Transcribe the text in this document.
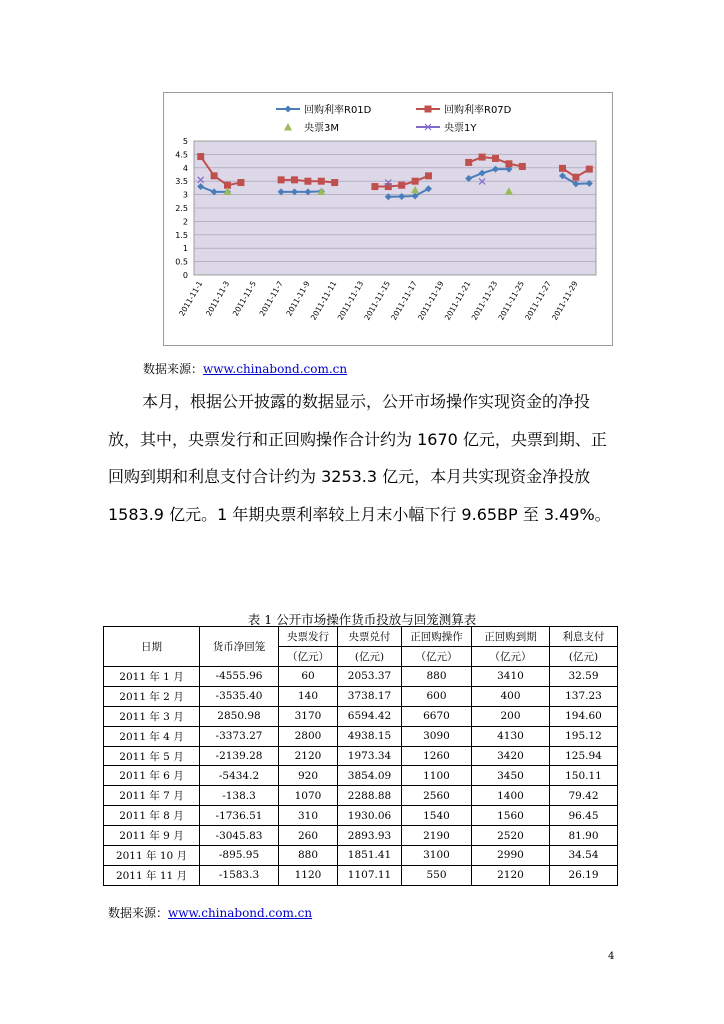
0
0.5
1
1.5
2
2.5
3
3.5
4
4.5
5
2011-11-1 2011-11-3 2011-11-5 2011-11-7 2011-11-9
2011-11-11
2011-11-13
2011-11-15
2011-11-17
2011-11-19
2011-11-21
2011-11-23
2011-11-25
2011-11-27
2011-11-29
回购利率R01D	回购利率R07D
央票3M	央票1Y
数据来源：www.chinabond.com.cn

本月，根据公开披露的数据显示，公开市场操作实现资金的净投放，其中，央票发行和正回购操作合计约为 1670 亿元，央票到期、正回购到期和利息支付合计约为 3253.3 亿元，本月共实现资金净投放 1583.9 亿元。1 年期央票利率较上月末小幅下行 9.65BP 至 3.49%。

表 1 公开市场操作货币投放与回笼测算表
日期	货币净回笼	央票发行	央票兑付	正回购操作	正回购到期	利息支付
		（亿元）	(亿元)	（亿元）	（亿元）	(亿元)
2011 年 1 月	-4555.96	60	2053.37	880	3410	32.59
2011 年 2 月	-3535.40	140	3738.17	600	400	137.23
2011 年 3 月	2850.98	3170	6594.42	6670	200	194.60
2011 年 4 月	-3373.27	2800	4938.15	3090	4130	195.12
2011 年 5 月	-2139.28	2120	1973.34	1260	3420	125.94
2011 年 6 月	-5434.2	920	3854.09	1100	3450	150.11
2011 年 7 月	-138.3	1070	2288.88	2560	1400	79.42
2011 年 8 月	-1736.51	310	1930.06	1540	1560	96.45
2011 年 9 月	-3045.83	260	2893.93	2190	2520	81.90
2011 年 10 月	-895.95	880	1851.41	3100	2990	34.54
2011 年 11 月	-1583.3	1120	1107.11	550	2120	26.19
数据来源：www.chinabond.com.cn
4
